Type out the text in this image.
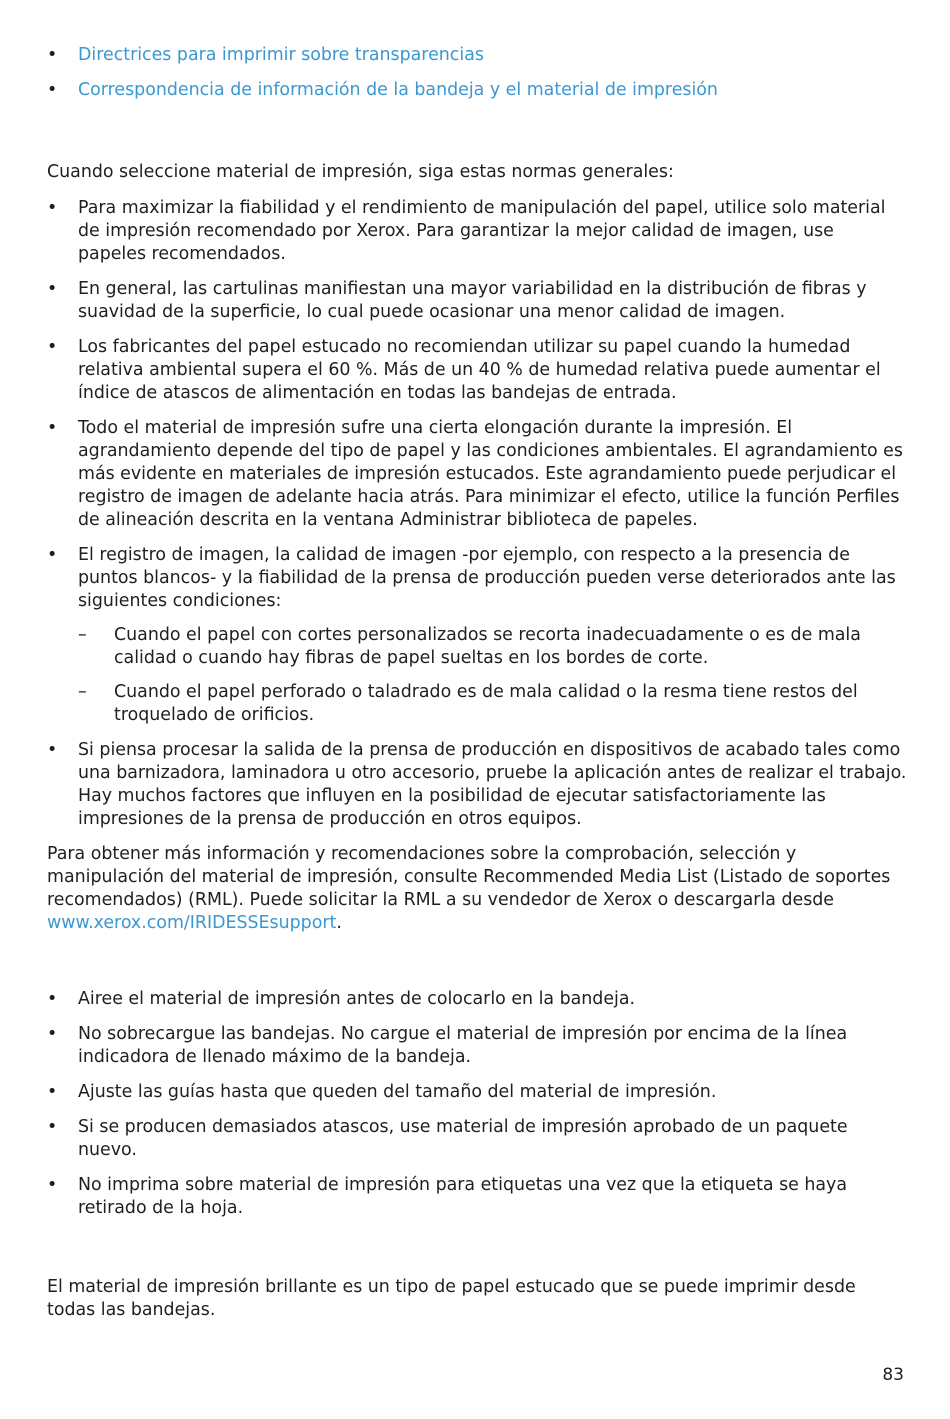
• Directrices para imprimir sobre transparencias
• Correspondencia de información de la bandeja y el material de impresión

Cuando seleccione material de impresión, siga estas normas generales:

• Para maximizar la fiabilidad y el rendimiento de manipulación del papel, utilice solo material de impresión recomendado por Xerox. Para garantizar la mejor calidad de imagen, use papeles recomendados.
• En general, las cartulinas manifiestan una mayor variabilidad en la distribución de fibras y suavidad de la superficie, lo cual puede ocasionar una menor calidad de imagen.
• Los fabricantes del papel estucado no recomiendan utilizar su papel cuando la humedad relativa ambiental supera el 60 %. Más de un 40 % de humedad relativa puede aumentar el índice de atascos de alimentación en todas las bandejas de entrada.
• Todo el material de impresión sufre una cierta elongación durante la impresión. El agrandamiento depende del tipo de papel y las condiciones ambientales. El agrandamiento es más evidente en materiales de impresión estucados. Este agrandamiento puede perjudicar el registro de imagen de adelante hacia atrás. Para minimizar el efecto, utilice la función Perfiles de alineación descrita en la ventana Administrar biblioteca de papeles.
• El registro de imagen, la calidad de imagen -por ejemplo, con respecto a la presencia de puntos blancos- y la fiabilidad de la prensa de producción pueden verse deteriorados ante las siguientes condiciones:
– Cuando el papel con cortes personalizados se recorta inadecuadamente o es de mala calidad o cuando hay fibras de papel sueltas en los bordes de corte.
– Cuando el papel perforado o taladrado es de mala calidad o la resma tiene restos del troquelado de orificios.
• Si piensa procesar la salida de la prensa de producción en dispositivos de acabado tales como una barnizadora, laminadora u otro accesorio, pruebe la aplicación antes de realizar el trabajo. Hay muchos factores que influyen en la posibilidad de ejecutar satisfactoriamente las impresiones de la prensa de producción en otros equipos.

Para obtener más información y recomendaciones sobre la comprobación, selección y manipulación del material de impresión, consulte Recommended Media List (Listado de soportes recomendados) (RML). Puede solicitar la RML a su vendedor de Xerox o descargarla desde www.xerox.com/IRIDESSEsupport.

• Airee el material de impresión antes de colocarlo en la bandeja.
• No sobrecargue las bandejas. No cargue el material de impresión por encima de la línea indicadora de llenado máximo de la bandeja.
• Ajuste las guías hasta que queden del tamaño del material de impresión.
• Si se producen demasiados atascos, use material de impresión aprobado de un paquete nuevo.
• No imprima sobre material de impresión para etiquetas una vez que la etiqueta se haya retirado de la hoja.

El material de impresión brillante es un tipo de papel estucado que se puede imprimir desde todas las bandejas.

83
